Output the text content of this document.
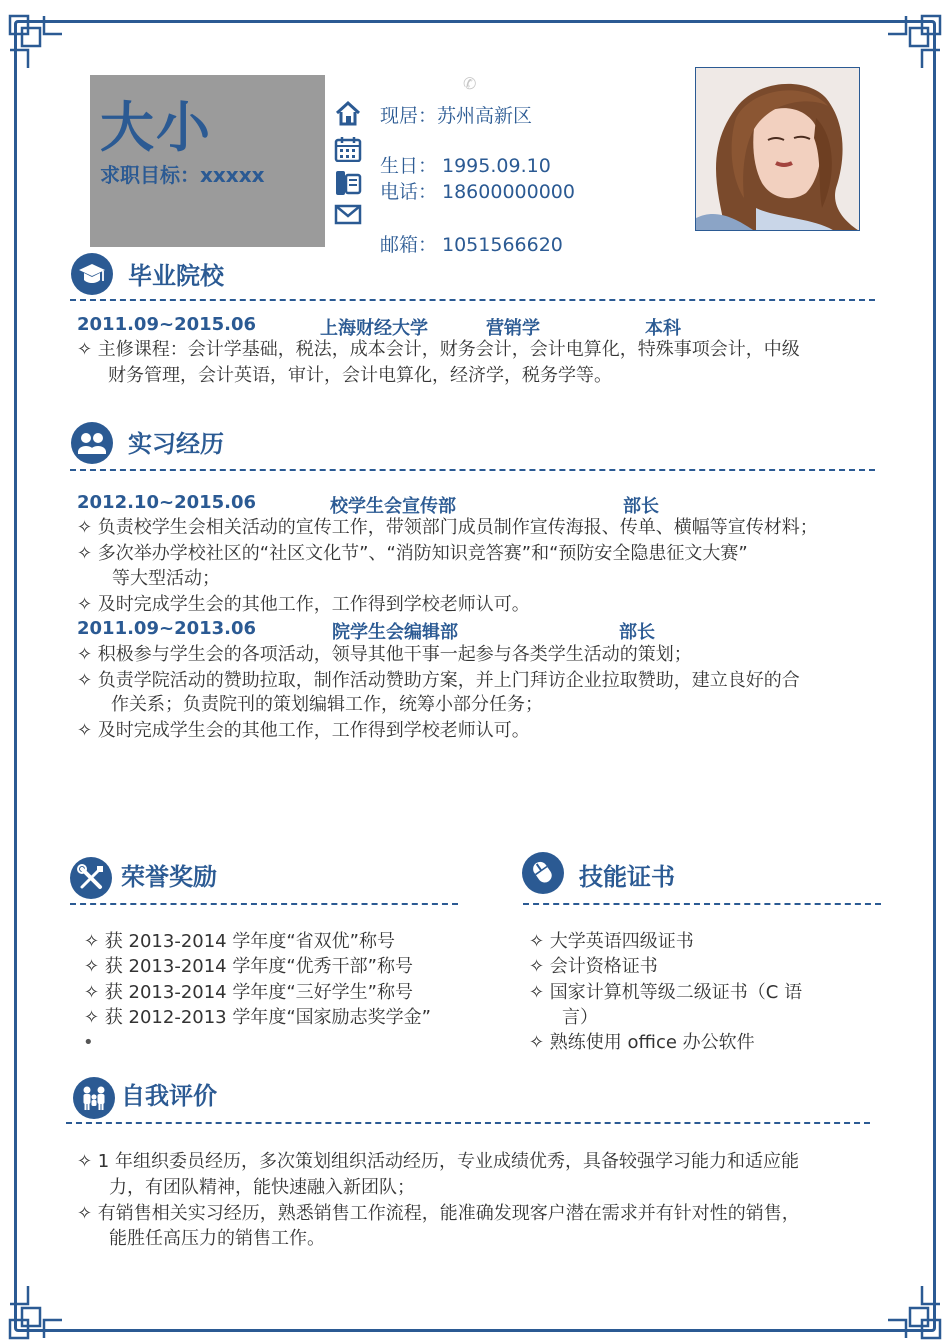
大小
求职目标：xxxxx
✆
现居：苏州高新区
生日： 1995.09.10
电话： 18600000000
邮箱： 1051566620
毕业院校
2011.09~2015.06	上海财经大学	营销学	本科
✧ 主修课程：会计学基础，税法，成本会计，财务会计，会计电算化，特殊事项会计，中级
财务管理，会计英语，审计，会计电算化，经济学，税务学等。
实习经历
2012.10~2015.06	校学生会宣传部	部长
✧ 负责校学生会相关活动的宣传工作，带领部门成员制作宣传海报、传单、横幅等宣传材料；
✧ 多次举办学校社区的“社区文化节”、“消防知识竞答赛”和“预防安全隐患征文大赛”
等大型活动；
✧ 及时完成学生会的其他工作，工作得到学校老师认可。
2011.09~2013.06	院学生会编辑部	部长
✧ 积极参与学生会的各项活动，领导其他干事一起参与各类学生活动的策划；
✧ 负责学院活动的赞助拉取，制作活动赞助方案，并上门拜访企业拉取赞助，建立良好的合
作关系；负责院刊的策划编辑工作，统筹小部分任务；
✧ 及时完成学生会的其他工作，工作得到学校老师认可。
荣誉奖励
✧ 获 2013-2014 学年度“省双优”称号
✧ 获 2013-2014 学年度“优秀干部”称号
✧ 获 2013-2014 学年度“三好学生”称号
✧ 获 2012-2013 学年度“国家励志奖学金”
•
技能证书
✧ 大学英语四级证书
✧ 会计资格证书
✧ 国家计算机等级二级证书（C 语
言）
✧ 熟练使用 office 办公软件
自我评价
✧ 1 年组织委员经历，多次策划组织活动经历，专业成绩优秀，具备较强学习能力和适应能
力，有团队精神，能快速融入新团队；
✧ 有销售相关实习经历，熟悉销售工作流程，能准确发现客户潜在需求并有针对性的销售，
能胜任高压力的销售工作。
